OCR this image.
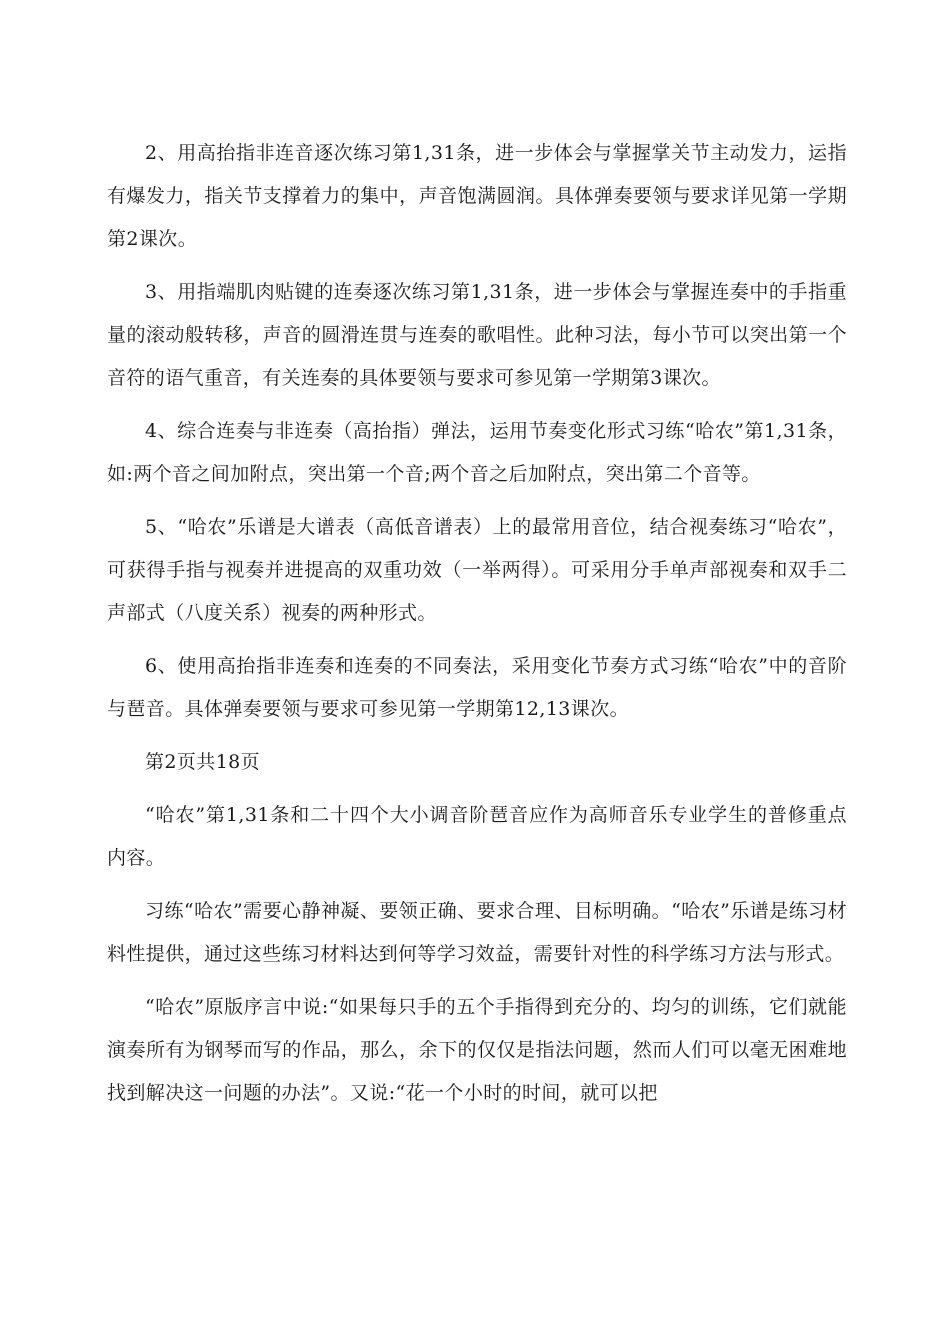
2、用高抬指非连音逐次练习第1,31条，进一步体会与掌握掌关节主动发力，运指有爆发力，指关节支撑着力的集中，声音饱满圆润。具体弹奏要领与要求详见第一学期第2课次。

3、用指端肌肉贴键的连奏逐次练习第1,31条，进一步体会与掌握连奏中的手指重量的滚动般转移，声音的圆滑连贯与连奏的歌唱性。此种习法，每小节可以突出第一个音符的语气重音，有关连奏的具体要领与要求可参见第一学期第3课次。

4、综合连奏与非连奏（高抬指）弹法，运用节奏变化形式习练“哈农”第1,31条，如:两个音之间加附点，突出第一个音;两个音之后加附点，突出第二个音等。

5、“哈农”乐谱是大谱表（高低音谱表）上的最常用音位，结合视奏练习“哈农”，可获得手指与视奏并进提高的双重功效（一举两得）。可采用分手单声部视奏和双手二声部式（八度关系）视奏的两种形式。

6、使用高抬指非连奏和连奏的不同奏法，采用变化节奏方式习练“哈农”中的音阶与琶音。具体弹奏要领与要求可参见第一学期第12,13课次。

第2页共18页

“哈农”第1,31条和二十四个大小调音阶琶音应作为高师音乐专业学生的普修重点内容。

习练“哈农”需要心静神凝、要领正确、要求合理、目标明确。“哈农”乐谱是练习材料性提供，通过这些练习材料达到何等学习效益，需要针对性的科学练习方法与形式。

“哈农”原版序言中说:“如果每只手的五个手指得到充分的、均匀的训练，它们就能演奏所有为钢琴而写的作品，那么，余下的仅仅是指法问题，然而人们可以毫无困难地找到解决这一问题的办法”。又说:“花一个小时的时间，就可以把
